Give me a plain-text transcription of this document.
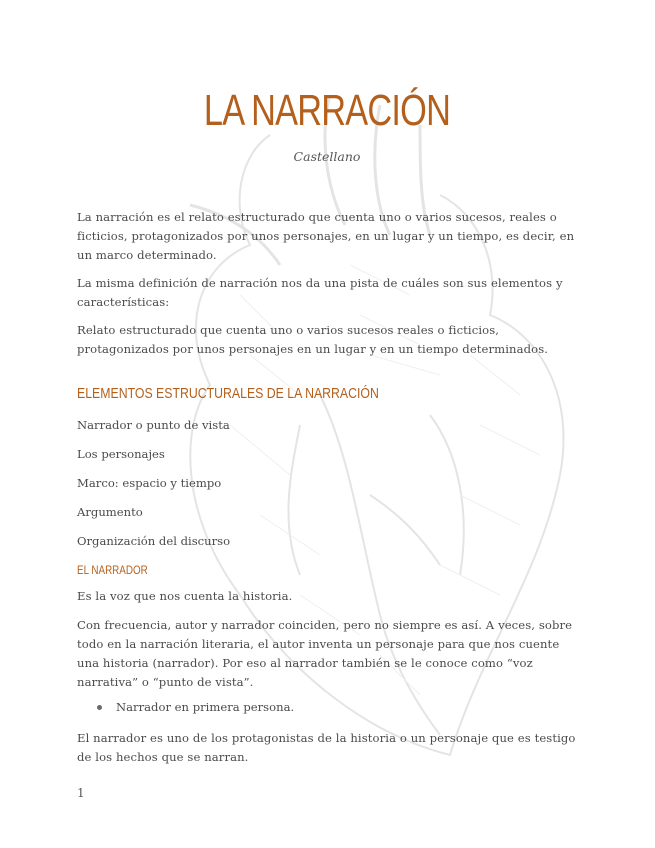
LA NARRACIÓN
Castellano

La narración es el relato estructurado que cuenta uno o varios sucesos, reales o ficticios, protagonizados por unos personajes, en un lugar y un tiempo, es decir, en un marco determinado.

La misma definición de narración nos da una pista de cuáles son sus elementos y características:

Relato estructurado que cuenta uno o varios sucesos reales o ficticios, protagonizados por unos personajes en un lugar y en un tiempo determinados.

ELEMENTOS ESTRUCTURALES DE LA NARRACIÓN
Narrador o punto de vista
Los personajes
Marco: espacio y tiempo
Argumento
Organización del discurso
EL NARRADOR

Es la voz que nos cuenta la historia.

Con frecuencia, autor y narrador coinciden, pero no siempre es así. A veces, sobre todo en la narración literaria, el autor inventa un personaje para que nos cuente una historia (narrador). Por eso al narrador también se le conoce como “voz narrativa” o “punto de vista”.

Narrador en primera persona.

El narrador es uno de los protagonistas de la historia o un personaje que es testigo de los hechos que se narran.

1
